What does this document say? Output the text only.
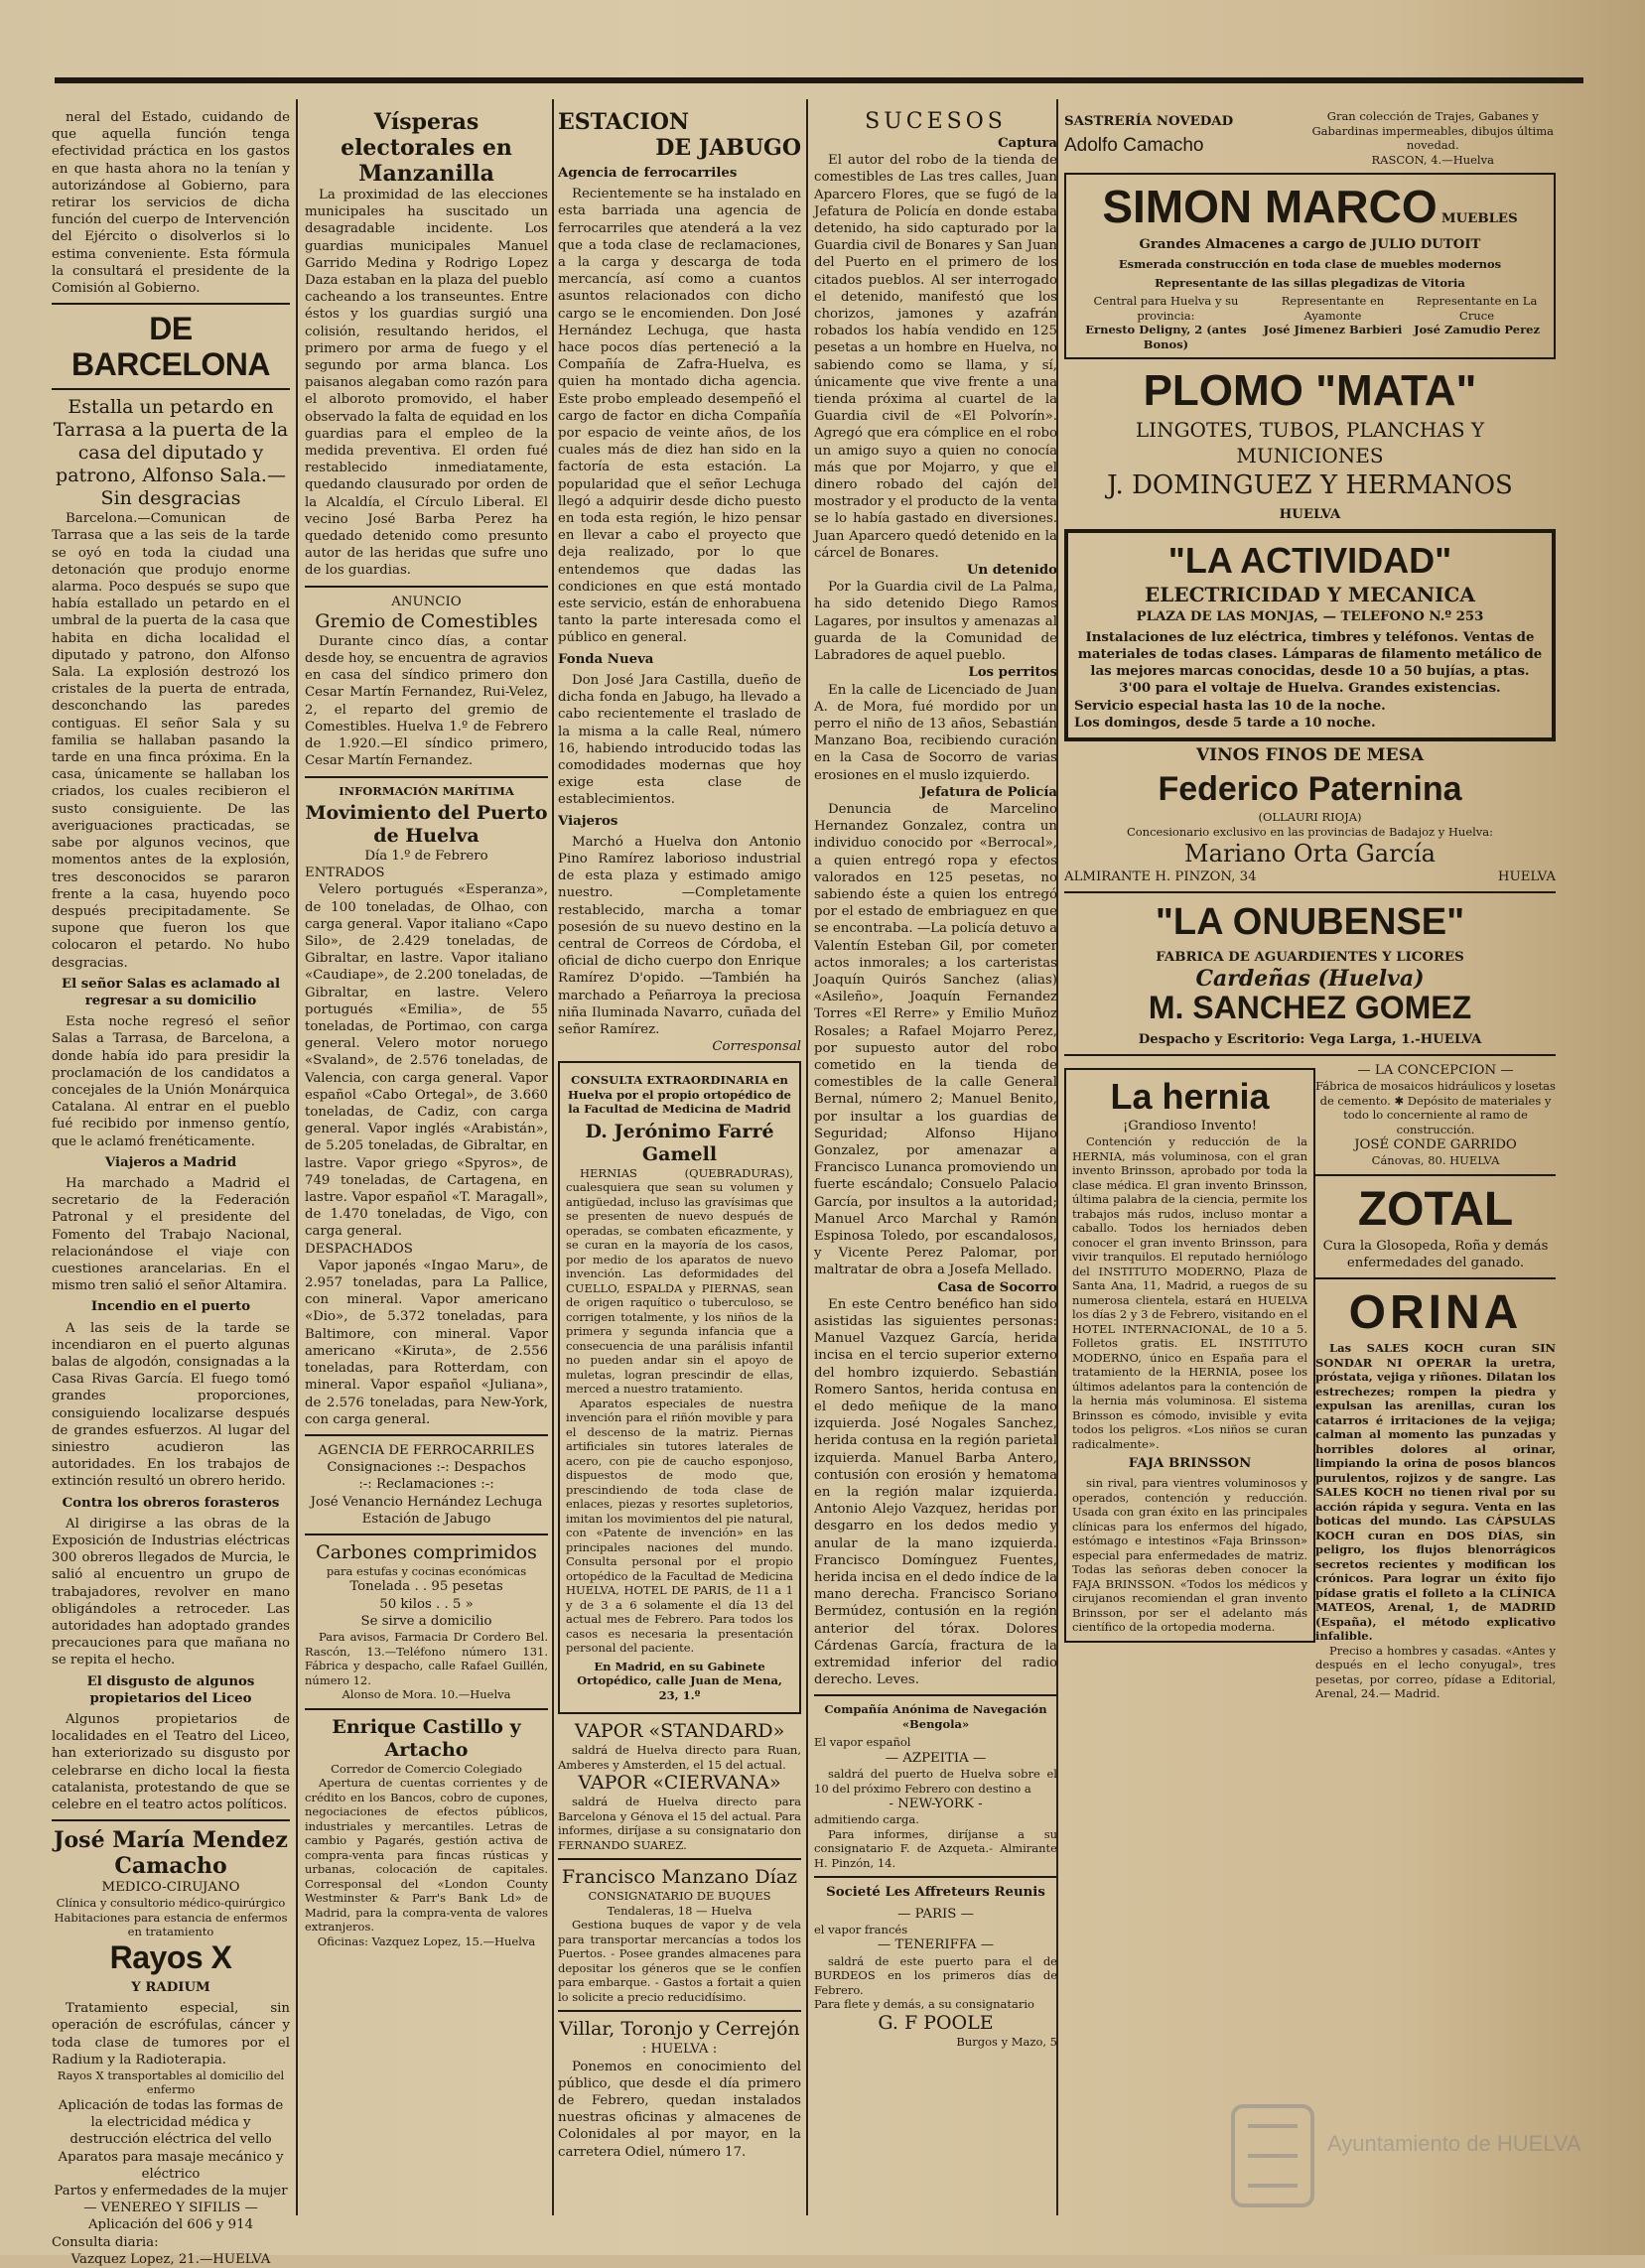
neral del Estado, cuidando de que aquella función tenga efectividad práctica en los gastos en que hasta ahora no la tenían y autorizándose al Gobierno, para retirar los servicios de dicha función del cuerpo de Intervención del Ejército o disolverlos si lo estima conveniente. Esta fórmula la consultará el presidente de la Comisión al Gobierno.

DE BARCELONA
Estalla un petardo en Tarrasa a la puerta de la casa del diputado y patrono, Alfonso Sala.—Sin desgracias

Barcelona.—Comunican de Tarrasa que a las seis de la tarde se oyó en toda la ciudad una detonación que produjo enorme alarma. Poco después se supo que había estallado un petardo en el umbral de la puerta de la casa que habita en dicha localidad el diputado y patrono, don Alfonso Sala. La explosión destrozó los cristales de la puerta de entrada, desconchando las paredes contiguas. El señor Sala y su familia se hallaban pasando la tarde en una finca próxima. En la casa, únicamente se hallaban los criados, los cuales recibieron el susto consiguiente. De las averiguaciones practicadas, se sabe por algunos vecinos, que momentos antes de la explosión, tres desconocidos se pararon frente a la casa, huyendo poco después precipitadamente. Se supone que fueron los que colocaron el petardo. No hubo desgracias.

El señor Salas es aclamado al regresar a su domicilio

Esta noche regresó el señor Salas a Tarrasa, de Barcelona, a donde había ido para presidir la proclamación de los candidatos a concejales de la Unión Monárquica Catalana. Al entrar en el pueblo fué recibido por inmenso gentío, que le aclamó frenéticamente.

Viajeros a Madrid

Ha marchado a Madrid el secretario de la Federación Patronal y el presidente del Fomento del Trabajo Nacional, relacionándose el viaje con cuestiones arancelarias. En el mismo tren salió el señor Altamira.

Incendio en el puerto

A las seis de la tarde se incendiaron en el puerto algunas balas de algodón, consignadas a la Casa Rivas García. El fuego tomó grandes proporciones, consiguiendo localizarse después de grandes esfuerzos. Al lugar del siniestro acudieron las autoridades. En los trabajos de extinción resultó un obrero herido.

Contra los obreros forasteros

Al dirigirse a las obras de la Exposición de Industrias eléctricas 300 obreros llegados de Murcia, le salió al encuentro un grupo de trabajadores, revolver en mano obligándoles a retroceder. Las autoridades han adoptado grandes precauciones para que mañana no se repita el hecho.

El disgusto de algunos propietarios del Liceo

Algunos propietarios de localidades en el Teatro del Liceo, han exteriorizado su disgusto por celebrarse en dicho local la fiesta catalanista, protestando de que se celebre en el teatro actos políticos.

José María Mendez Camacho
MEDICO-CIRUJANO
Clínica y consultorio médico-quirúrgico
Habitaciones para estancia de enfermos en tratamiento
Rayos X
Y RADIUM

Tratamiento especial, sin operación de escrófulas, cáncer y toda clase de tumores por el Radium y la Radioterapia.

Rayos X transportables al domicilio del enfermo
Aplicación de todas las formas de la electricidad médica y destrucción eléctrica del vello
Aparatos para masaje mecánico y eléctrico
Partos y enfermedades de la mujer
— VENEREO Y SIFILIS —
Aplicación del 606 y 914
Consulta diaria:
Vazquez Lopez, 21.—HUELVA
Vísperas electorales en Manzanilla

La proximidad de las elecciones municipales ha suscitado un desagradable incidente. Los guardias municipales Manuel Garrido Medina y Rodrigo Lopez Daza estaban en la plaza del pueblo cacheando a los transeuntes. Entre éstos y los guardias surgió una colisión, resultando heridos, el primero por arma de fuego y el segundo por arma blanca. Los paisanos alegaban como razón para el alboroto promovido, el haber observado la falta de equidad en los guardias para el empleo de la medida preventiva. El orden fué restablecido inmediatamente, quedando clausurado por orden de la Alcaldía, el Círculo Liberal. El vecino José Barba Perez ha quedado detenido como presunto autor de las heridas que sufre uno de los guardias.

ANUNCIO
Gremio de Comestibles

Durante cinco días, a contar desde hoy, se encuentra de agravios en casa del síndico primero don Cesar Martín Fernandez, Rui-Velez, 2, el reparto del gremio de Comestibles. Huelva 1.º de Febrero de 1.920.—El síndico primero, Cesar Martín Fernandez.

INFORMACIÓN MARÍTIMA
Movimiento del Puerto de Huelva
Día 1.º de Febrero
ENTRADOS

Velero portugués «Esperanza», de 100 toneladas, de Olhao, con carga general. Vapor italiano «Capo Silo», de 2.429 toneladas, de Gibraltar, en lastre. Vapor italiano «Caudiape», de 2.200 toneladas, de Gibraltar, en lastre. Velero portugués «Emilia», de 55 toneladas, de Portimao, con carga general. Velero motor noruego «Svaland», de 2.576 toneladas, de Valencia, con carga general. Vapor español «Cabo Ortegal», de 3.660 toneladas, de Cadiz, con carga general. Vapor inglés «Arabistán», de 5.205 toneladas, de Gibraltar, en lastre. Vapor griego «Spyros», de 749 toneladas, de Cartagena, en lastre. Vapor español «T. Maragall», de 1.470 toneladas, de Vigo, con carga general.

DESPACHADOS

Vapor japonés «Ingao Maru», de 2.957 toneladas, para La Pallice, con mineral. Vapor americano «Dio», de 5.372 toneladas, para Baltimore, con mineral. Vapor americano «Kiruta», de 2.556 toneladas, para Rotterdam, con mineral. Vapor español «Juliana», de 2.576 toneladas, para New-York, con carga general.

AGENCIA DE FERROCARRILES
Consignaciones :-: Despachos
:-: Reclamaciones :-:
José Venancio Hernández Lechuga
Estación de Jabugo
Carbones comprimidos
para estufas y cocinas económicas
Tonelada . . 95 pesetas
50 kilos . . 5 »
Se sirve a domicilio

Para avisos, Farmacia Dr Cordero Bel. Rascón, 13.—Teléfono número 131. Fábrica y despacho, calle Rafael Guillén, número 12.

Alonso de Mora. 10.—Huelva
Enrique Castillo y Artacho
Corredor de Comercio Colegiado

Apertura de cuentas corrientes y de crédito en los Bancos, cobro de cupones, negociaciones de efectos públicos, industriales y mercantiles. Letras de cambio y Pagarés, gestión activa de compra-venta para fincas rústicas y urbanas, colocación de capitales. Corresponsal del «London County Westminster & Parr's Bank Ld» de Madrid, para la compra-venta de valores extranjeros.

Oficinas: Vazquez Lopez, 15.—Huelva
ESTACION
DE JABUGO
Agencia de ferrocarriles

Recientemente se ha instalado en esta barriada una agencia de ferrocarriles que atenderá a la vez que a toda clase de reclamaciones, a la carga y descarga de toda mercancía, así como a cuantos asuntos relacionados con dicho cargo se le encomienden. Don José Hernández Lechuga, que hasta hace pocos días perteneció a la Compañía de Zafra-Huelva, es quien ha montado dicha agencia. Este probo empleado desempeñó el cargo de factor en dicha Compañía por espacio de veinte años, de los cuales más de diez han sido en la factoría de esta estación. La popularidad que el señor Lechuga llegó a adquirir desde dicho puesto en toda esta región, le hizo pensar en llevar a cabo el proyecto que deja realizado, por lo que entendemos que dadas las condiciones en que está montado este servicio, están de enhorabuena tanto la parte interesada como el público en general.

Fonda Nueva

Don José Jara Castilla, dueño de dicha fonda en Jabugo, ha llevado a cabo recientemente el traslado de la misma a la calle Real, número 16, habiendo introducido todas las comodidades modernas que hoy exige esta clase de establecimientos.

Viajeros

Marchó a Huelva don Antonio Pino Ramírez laborioso industrial de esta plaza y estimado amigo nuestro. —Completamente restablecido, marcha a tomar posesión de su nuevo destino en la central de Correos de Córdoba, el oficial de dicho cuerpo don Enrique Ramírez D'opido. —También ha marchado a Peñarroya la preciosa niña Iluminada Navarro, cuñada del señor Ramírez.

Corresponsal
CONSULTA EXTRAORDINARIA en Huelva por el propio ortopédico de la Facultad de Medicina de Madrid
D. Jerónimo Farré Gamell

HERNIAS (QUEBRADURAS), cualesquiera que sean su volumen y antigüedad, incluso las gravísimas que se presenten de nuevo después de operadas, se combaten eficazmente, y se curan en la mayoría de los casos, por medio de los aparatos de nuevo invención. Las deformidades del CUELLO, ESPALDA y PIERNAS, sean de origen raquítico o tuberculoso, se corrigen totalmente, y los niños de la primera y segunda infancia que a consecuencia de una parálisis infantil no pueden andar sin el apoyo de muletas, logran prescindir de ellas, merced a nuestro tratamiento.

Aparatos especiales de nuestra invención para el riñón movible y para el descenso de la matriz. Piernas artificiales sin tutores laterales de acero, con pie de caucho esponjoso, dispuestos de modo que, prescindiendo de toda clase de enlaces, piezas y resortes supletorios, imitan los movimientos del pie natural, con «Patente de invención» en las principales naciones del mundo. Consulta personal por el propio ortopédico de la Facultad de Medicina HUELVA, HOTEL DE PARIS, de 11 a 1 y de 3 a 6 solamente el día 13 del actual mes de Febrero. Para todos los casos es necesaria la presentación personal del paciente.

En Madrid, en su Gabinete Ortopédico, calle Juan de Mena, 23, 1.º
VAPOR «STANDARD»

saldrá de Huelva directo para Ruan, Amberes y Amsterden, el 15 del actual.

VAPOR «CIERVANA»

saldrá de Huelva directo para Barcelona y Génova el 15 del actual. Para informes, diríjase a su consignatario don FERNANDO SUAREZ.

Francisco Manzano Díaz
CONSIGNATARIO DE BUQUES
Tendaleras, 18 — Huelva

Gestiona buques de vapor y de vela para transportar mercancías a todos los Puertos. - Posee grandes almacenes para depositar los géneros que se le confíen para embarque. - Gastos a fortait a quien lo solicite a precio reducidísimo.

Villar, Toronjo y Cerrejón
: HUELVA :

Ponemos en conocimiento del público, que desde el día primero de Febrero, quedan instalados nuestras oficinas y almacenes de Colonidales al por mayor, en la carretera Odiel, número 17.

SUCESOS
Captura

El autor del robo de la tienda de comestibles de Las tres calles, Juan Aparcero Flores, que se fugó de la Jefatura de Policía en donde estaba detenido, ha sido capturado por la Guardia civil de Bonares y San Juan del Puerto en el primero de los citados pueblos. Al ser interrogado el detenido, manifestó que los chorizos, jamones y azafrán robados los había vendido en 125 pesetas a un hombre en Huelva, no sabiendo como se llama, y sí, únicamente que vive frente a una tienda próxima al cuartel de la Guardia civil de «El Polvorín». Agregó que era cómplice en el robo un amigo suyo a quien no conocía más que por Mojarro, y que el dinero robado del cajón del mostrador y el producto de la venta se lo había gastado en diversiones. Juan Aparcero quedó detenido en la cárcel de Bonares.

Un detenido

Por la Guardia civil de La Palma, ha sido detenido Diego Ramos Lagares, por insultos y amenazas al guarda de la Comunidad de Labradores de aquel pueblo.

Los perritos

En la calle de Licenciado de Juan A. de Mora, fué mordido por un perro el niño de 13 años, Sebastián Manzano Boa, recibiendo curación en la Casa de Socorro de varias erosiones en el muslo izquierdo.

Jefatura de Policía

Denuncia de Marcelino Hernandez Gonzalez, contra un individuo conocido por «Berrocal», a quien entregó ropa y efectos valorados en 125 pesetas, no sabiendo éste a quien los entregó por el estado de embriaguez en que se encontraba. —La policía detuvo a Valentín Esteban Gil, por cometer actos inmorales; a los carteristas Joaquín Quirós Sanchez (alias) «Asileño», Joaquín Fernandez Torres «El Rerre» y Emilio Muñoz Rosales; a Rafael Mojarro Perez, por supuesto autor del robo cometido en la tienda de comestibles de la calle General Bernal, número 2; Manuel Benito, por insultar a los guardias de Seguridad; Alfonso Hijano Gonzalez, por amenazar a Francisco Lunanca promoviendo un fuerte escándalo; Consuelo Palacio García, por insultos a la autoridad; Manuel Arco Marchal y Ramón Espinosa Toledo, por escandalosos, y Vicente Perez Palomar, por maltratar de obra a Josefa Mellado.

Casa de Socorro

En este Centro benéfico han sido asistidas las siguientes personas: Manuel Vazquez García, herida incisa en el tercio superior externo del hombro izquierdo. Sebastián Romero Santos, herida contusa en el dedo meñique de la mano izquierda. José Nogales Sanchez, herida contusa en la región parietal izquierda. Manuel Barba Antero, contusión con erosión y hematoma en la región malar izquierda. Antonio Alejo Vazquez, heridas por desgarro en los dedos medio y anular de la mano izquierda. Francisco Domínguez Fuentes, herida incisa en el dedo índice de la mano derecha. Francisco Soriano Bermúdez, contusión en la región anterior del tórax. Dolores Cárdenas García, fractura de la extremidad inferior del radio derecho. Leves.

Compañía Anónima de Navegación «Bengola»
El vapor español
— AZPEITIA —

saldrá del puerto de Huelva sobre el 10 del próximo Febrero con destino a

- NEW-YORK -
admitiendo carga.

Para informes, diríjanse a su consignatario F. de Azqueta.- Almirante H. Pinzón, 14.

Societé Les Affreteurs Reunis
— PARIS —
el vapor francés
— TENERIFFA —

saldrá de este puerto para el de BURDEOS en los primeros días de Febrero.

Para flete y demás, a su consignatario
G. F POOLE
Burgos y Mazo, 5
SASTRERÍA NOVEDAD
Adolfo Camacho
Gran colección de Trajes, Gabanes y Gabardinas impermeables, dibujos última novedad.
RASCON, 4.—Huelva
SIMON MARCO MUEBLES
Grandes Almacenes a cargo de JULIO DUTOIT
Esmerada construcción en toda clase de muebles modernos
Representante de las sillas plegadizas de Vitoria
Central para Huelva y su provincia:
Ernesto Deligny, 2 (antes Bonos)
Representante en Ayamonte
José Jimenez Barbieri
Representante en La Cruce
José Zamudio Perez
PLOMO "MATA"
LINGOTES, TUBOS, PLANCHAS Y MUNICIONES
J. DOMINGUEZ Y HERMANOS
HUELVA
"LA ACTIVIDAD"
ELECTRICIDAD Y MECANICA
PLAZA DE LAS MONJAS, — TELEFONO N.º 253
Instalaciones de luz eléctrica, timbres y teléfonos. Ventas de materiales de todas clases. Lámparas de filamento metálico de las mejores marcas conocidas, desde 10 a 50 bujías, a ptas. 3'00 para el voltaje de Huelva. Grandes existencias.
Servicio especial hasta las 10 de la noche.
Los domingos, desde 5 tarde a 10 noche.
VINOS FINOS DE MESA
Federico Paternina
(OLLAURI RIOJA)
Concesionario exclusivo en las provincias de Badajoz y Huelva:
Mariano Orta García
ALMIRANTE H. PINZON, 34	HUELVA
"LA ONUBENSE"
FABRICA DE AGUARDIENTES Y LICORES
Cardeñas (Huelva)
M. SANCHEZ GOMEZ
Despacho y Escritorio: Vega Larga, 1.-HUELVA
La hernia
¡Grandioso Invento!

Contención y reducción de la HERNIA, más voluminosa, con el gran invento Brinsson, aprobado por toda la clase médica. El gran invento Brinsson, última palabra de la ciencia, permite los trabajos más rudos, incluso montar a caballo. Todos los herniados deben conocer el gran invento Brinsson, para vivir tranquilos. El reputado herniólogo del INSTITUTO MODERNO, Plaza de Santa Ana, 11, Madrid, a ruegos de su numerosa clientela, estará en HUELVA los días 2 y 3 de Febrero, visitando en el HOTEL INTERNACIONAL, de 10 a 5. Folletos gratis. EL INSTITUTO MODERNO, único en España para el tratamiento de la HERNIA, posee los últimos adelantos para la contención de la hernia más voluminosa. El sistema Brinsson es cómodo, invisible y evita todos los peligros. «Los niños se curan radicalmente».

FAJA BRINSSON

sin rival, para vientres voluminosos y operados, contención y reducción. Usada con gran éxito en las principales clínicas para los enfermos del hígado, estómago e intestinos «Faja Brinsson» especial para enfermedades de matriz. Todas las señoras deben conocer la FAJA BRINSSON. «Todos los médicos y cirujanos recomiendan el gran invento Brinsson, por ser el adelanto más científico de la ortopedia moderna.

— LA CONCEPCION —
Fábrica de mosaicos hidráulicos y losetas de cemento. ✱ Depósito de materiales y todo lo concerniente al ramo de construcción.
JOSÉ CONDE GARRIDO
Cánovas, 80. HUELVA
ZOTAL
Cura la Glosopeda, Roña y demás enfermedades del ganado.
ORINA

Las SALES KOCH curan SIN SONDAR NI OPERAR la uretra, próstata, vejiga y riñones. Dilatan los estrechezes; rompen la piedra y expulsan las arenillas, curan los catarros é irritaciones de la vejiga; calman al momento las punzadas y horribles dolores al orinar, limpiando la orina de posos blancos purulentos, rojizos y de sangre. Las SALES KOCH no tienen rival por su acción rápida y segura. Venta en las boticas del mundo. Las CÁPSULAS KOCH curan en DOS DÍAS, sin peligro, los flujos blenorrágicos secretos recientes y modifican los crónicos. Para lograr un éxito fijo pídase gratis el folleto a la CLÍNICA MATEOS, Arenal, 1, de MADRID (España), el método explicativo infalible.

Preciso a hombres y casadas. «Antes y después en el lecho conyugal», tres pesetas, por correo, pídase a Editorial, Arenal, 24.— Madrid.

Ayuntamiento de HUELVA
